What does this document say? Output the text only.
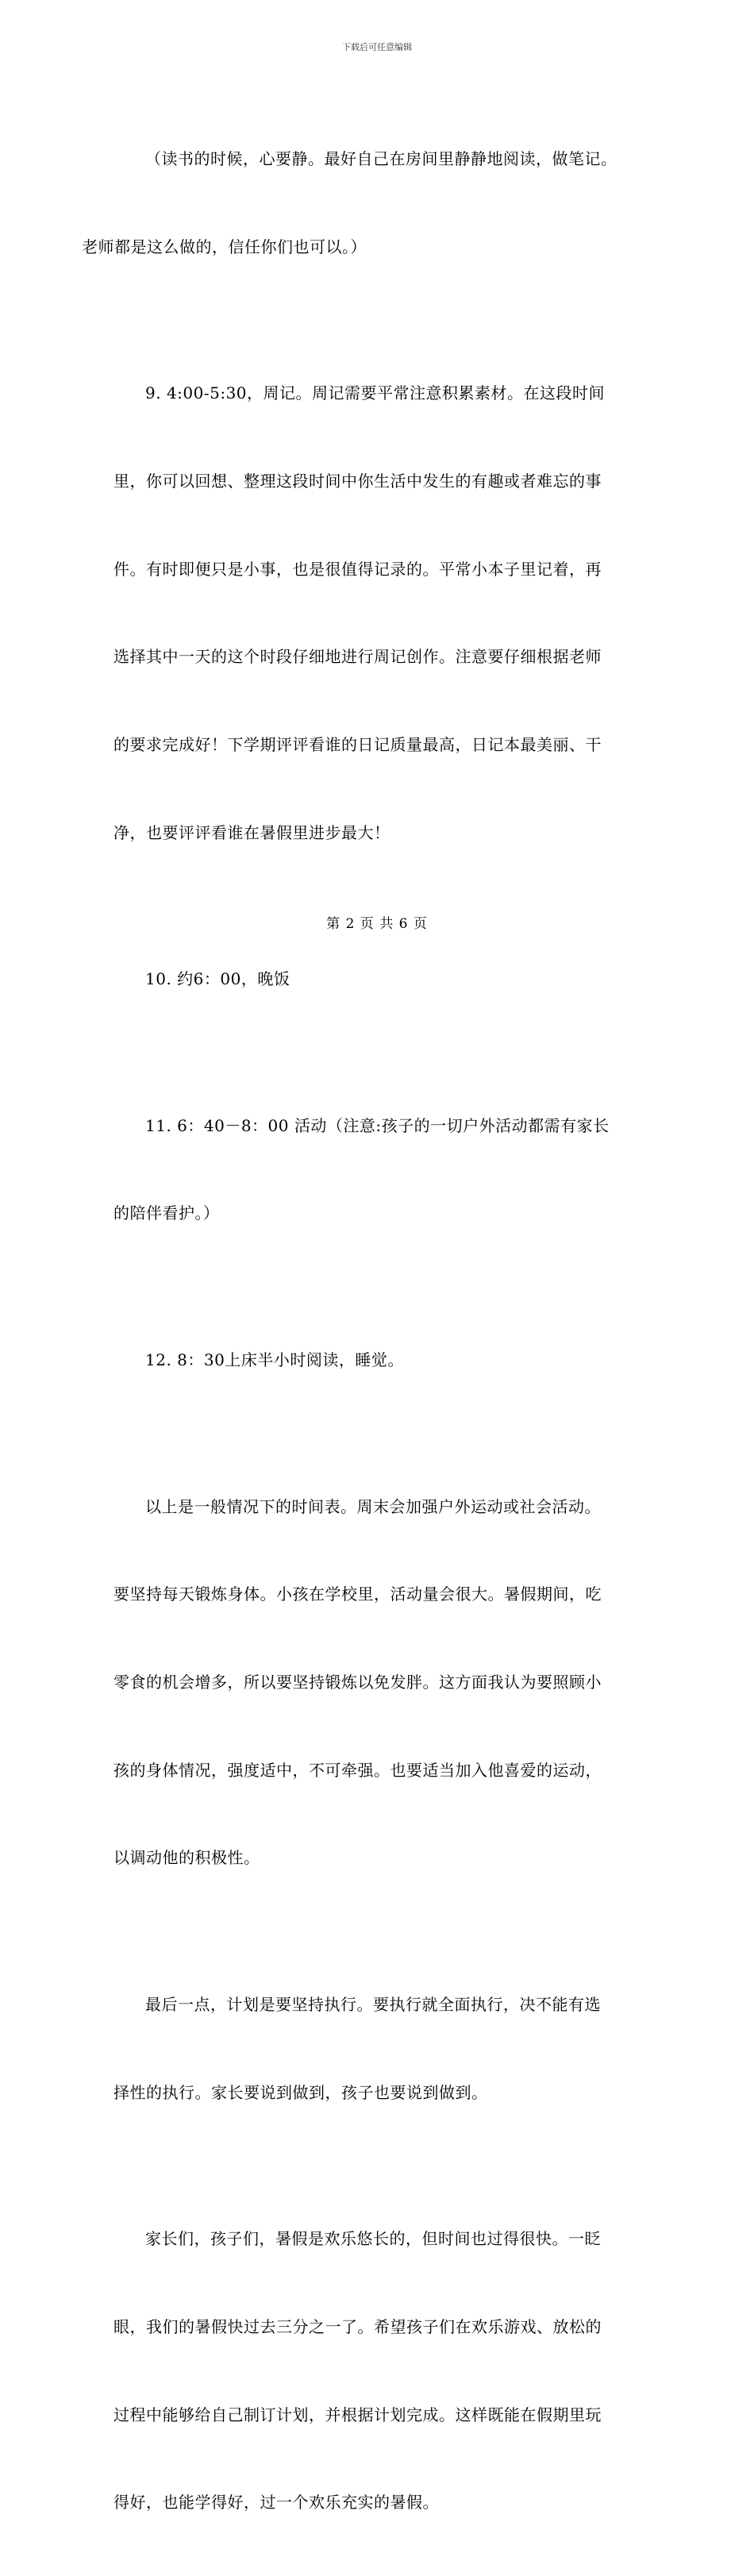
下载后可任意编辑

（读书的时候，心要静。最好自己在房间里静静地阅读，做笔记。

老师都是这么做的，信任你们也可以。）

9. 4:00-5:30，周记。周记需要平常注意积累素材。在这段时间

里，你可以回想、整理这段时间中你生活中发生的有趣或者难忘的事

件。有时即便只是小事，也是很值得记录的。平常小本子里记着，再

选择其中一天的这个时段仔细地进行周记创作。注意要仔细根据老师

的要求完成好！下学期评评看谁的日记质量最高，日记本最美丽、干

净，也要评评看谁在暑假里进步最大！

10. 约6：00，晚饭

11. 6：40－8：00 活动（注意:孩子的一切户外活动都需有家长

的陪伴看护。）

12. 8：30上床半小时阅读，睡觉。

以上是一般情况下的时间表。周末会加强户外运动或社会活动。

要坚持每天锻炼身体。小孩在学校里，活动量会很大。暑假期间，吃

零食的机会增多，所以要坚持锻炼以免发胖。这方面我认为要照顾小

孩的身体情况，强度适中，不可牵强。也要适当加入他喜爱的运动，

以调动他的积极性。

最后一点，计划是要坚持执行。要执行就全面执行，决不能有选

择性的执行。家长要说到做到，孩子也要说到做到。

家长们，孩子们，暑假是欢乐悠长的，但时间也过得很快。一眨

眼，我们的暑假快过去三分之一了。希望孩子们在欢乐游戏、放松的

过程中能够给自己制订计划，并根据计划完成。这样既能在假期里玩

得好，也能学得好，过一个欢乐充实的暑假。

第 2 页 共 6 页
